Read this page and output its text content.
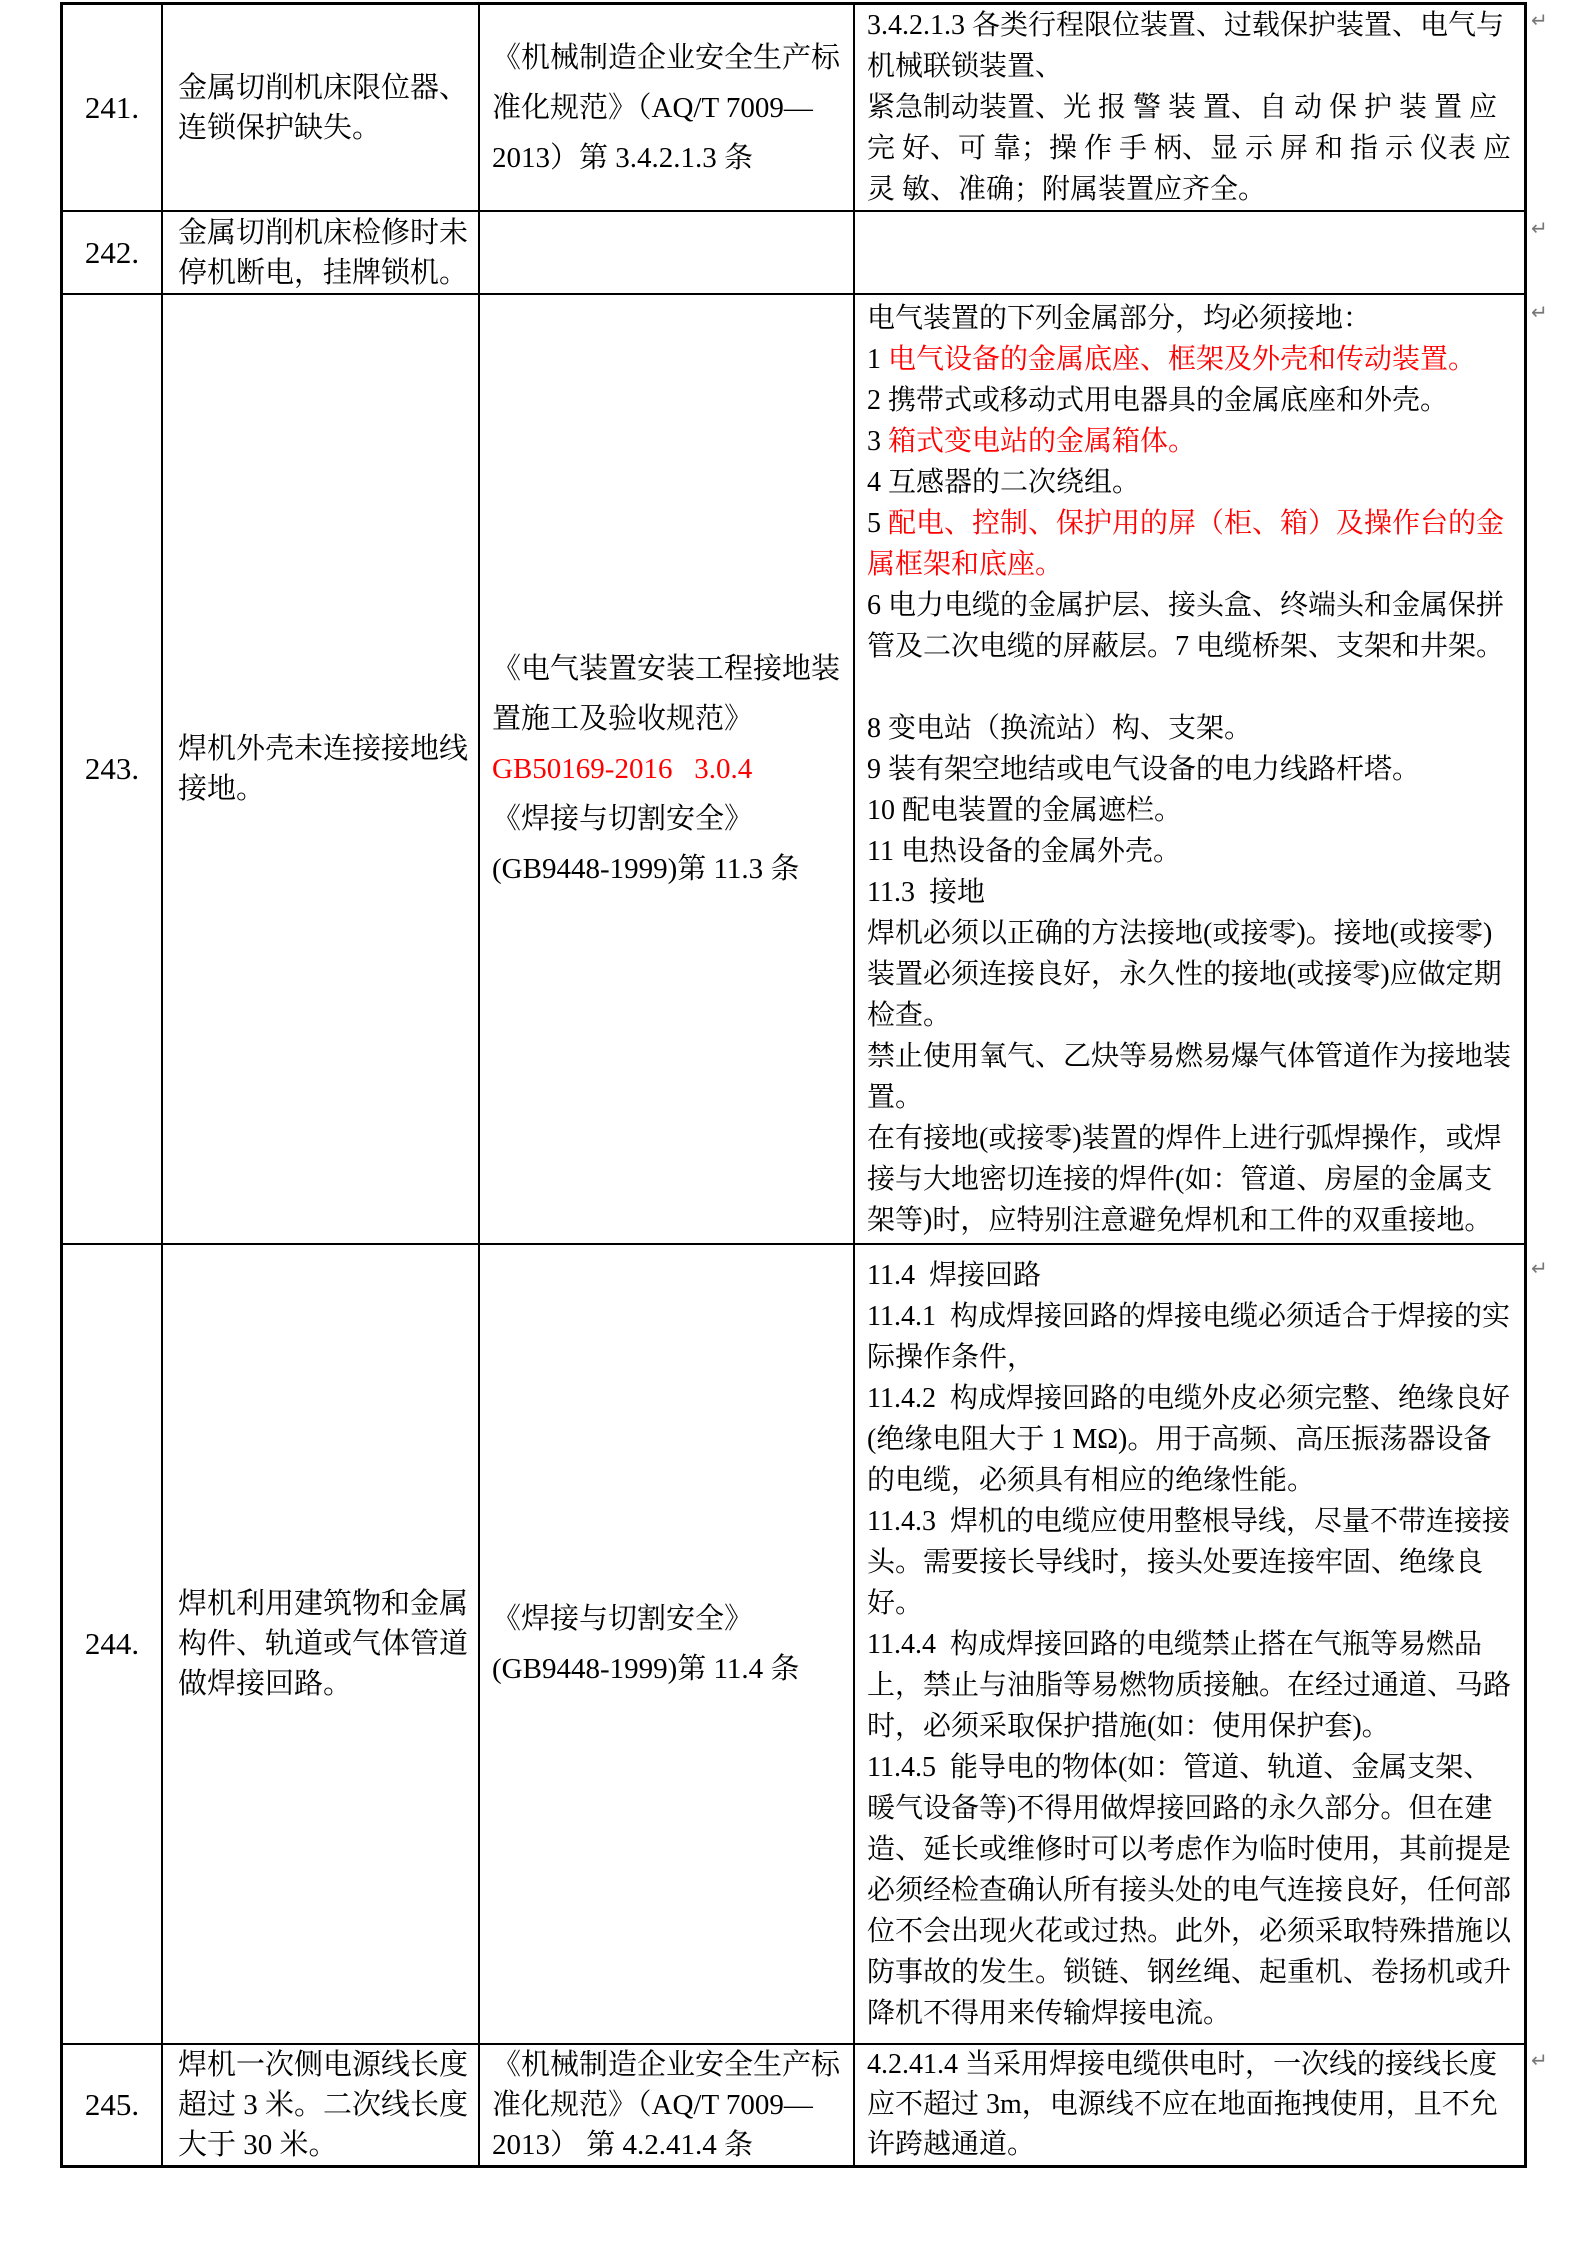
241.
金属切削机床限位器、连锁保护缺失。
《机械制造企业安全生产标准化规范》（AQ/T 7009—2013）第 3.4.2.1.3 条
3.4.2.1.3 各类行程限位装置、过载保护装置、电气与机械联锁装置、
紧急制动装置、光 报 警 装 置、自 动 保 护 装 置 应 完 好、可 靠；操 作 手 柄、显 示 屏 和 指 示 仪表 应 灵 敏、准确；附属装置应齐全。
242.
金属切削机床检修时未停机断电，挂牌锁机。
243.
焊机外壳未连接接地线接地。
《电气装置安装工程接地装置施工及验收规范》
GB50169-2016   3.0.4
《焊接与切割安全》
(GB9448-1999)第 11.3 条
电气装置的下列金属部分，均必须接地：
1 电气设备的金属底座、框架及外壳和传动装置。
2 携带式或移动式用电器具的金属底座和外壳。
3 箱式变电站的金属箱体。
4 互感器的二次绕组。
5 配电、控制、保护用的屏（柜、箱）及操作台的金属框架和底座。
6 电力电缆的金属护层、接头盒、终端头和金属保拼管及二次电缆的屏蔽层。7 电缆桥架、支架和井架。

8 变电站（换流站）构、支架。
9 装有架空地结或电气设备的电力线路杆塔。
10 配电装置的金属遮栏。
11 电热设备的金属外壳。
11.3  接地
焊机必须以正确的方法接地(或接零)。接地(或接零)装置必须连接良好，永久性的接地(或接零)应做定期检查。
禁止使用氧气、乙炔等易燃易爆气体管道作为接地装置。
在有接地(或接零)装置的焊件上进行弧焊操作，或焊接与大地密切连接的焊件(如：管道、房屋的金属支架等)时，应特别注意避免焊机和工件的双重接地。
244.
焊机利用建筑物和金属构件、轨道或气体管道做焊接回路。
《焊接与切割安全》
(GB9448-1999)第 11.4 条
11.4  焊接回路
11.4.1  构成焊接回路的焊接电缆必须适合于焊接的实际操作条件，
11.4.2  构成焊接回路的电缆外皮必须完整、绝缘良好(绝缘电阻大于 1 MΩ)。用于高频、高压振荡器设备的电缆，必须具有相应的绝缘性能。
11.4.3  焊机的电缆应使用整根导线，尽量不带连接接头。需要接长导线时，接头处要连接牢固、绝缘良好。
11.4.4  构成焊接回路的电缆禁止搭在气瓶等易燃品上，禁止与油脂等易燃物质接触。在经过通道、马路时，必须采取保护措施(如：使用保护套)。
11.4.5  能导电的物体(如：管道、轨道、金属支架、暖气设备等)不得用做焊接回路的永久部分。但在建造、延长或维修时可以考虑作为临时使用，其前提是必须经检查确认所有接头处的电气连接良好，任何部位不会出现火花或过热。此外，必须采取特殊措施以防事故的发生。锁链、钢丝绳、起重机、卷扬机或升降机不得用来传输焊接电流。
245.
焊机一次侧电源线长度超过 3 米。二次线长度大于 30 米。
《机械制造企业安全生产标准化规范》（AQ/T 7009—2013） 第 4.2.41.4 条
4.2.41.4 当采用焊接电缆供电时，一次线的接线长度应不超过 3m，电源线不应在地面拖拽使用，且不允许跨越通道。
↵
↵
↵
↵
↵
